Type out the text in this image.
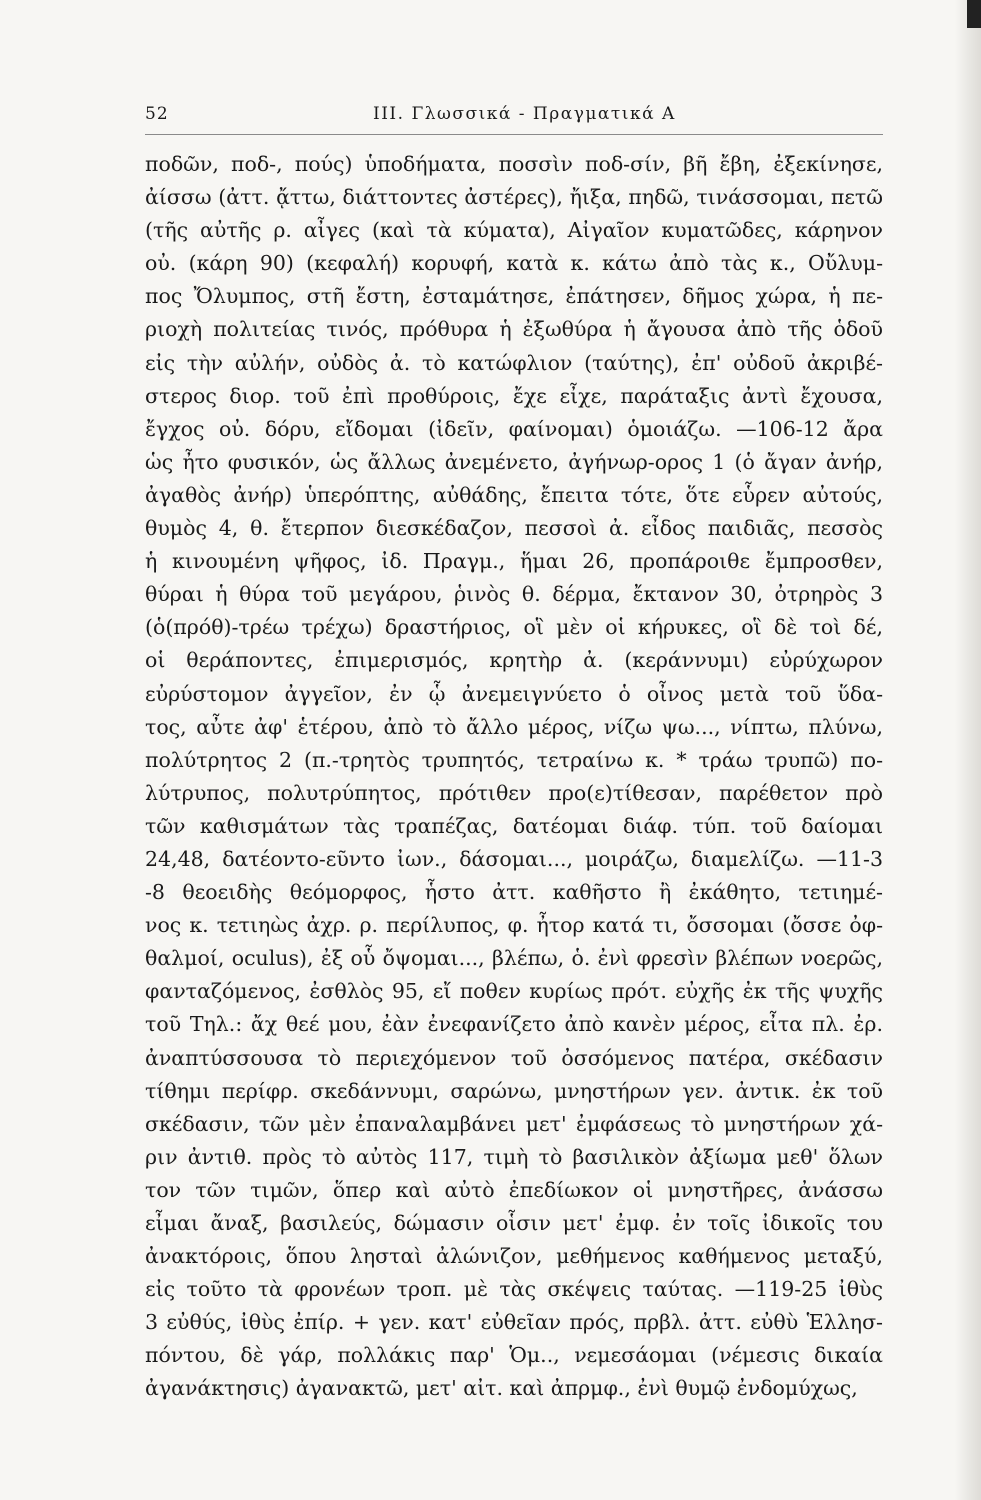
52	III. Γλωσσικά - Πραγματικά Α
ποδῶν, ποδ-, πούς) ὑποδήματα, ποσσὶν ποδ-σίν, βῆ ἔβη, ἐξεκίνησε,
ἀίσσω (ἀττ. ᾄττω, διάττοντες ἀστέρες), ἤιξα, πηδῶ, τινάσσομαι, πετῶ
(τῆς αὐτῆς ρ. αἶγες (καὶ τὰ κύματα), Αἰγαῖον κυματῶδες, κάρηνον
οὐ. (κάρη 90) (κεφαλή) κορυφή, κατὰ κ. κάτω ἀπὸ τὰς κ., Οὔλυμ-
πος Ὄλυμπος, στῆ ἔστη, ἐσταμάτησε, ἐπάτησεν, δῆμος χώρα, ἡ πε-
ριοχὴ πολιτείας τινός, πρόθυρα ἡ ἐξωθύρα ἡ ἄγουσα ἀπὸ τῆς ὁδοῦ
εἰς τὴν αὐλήν, οὐδὸς ἀ. τὸ κατώφλιον (ταύτης), ἐπ' οὐδοῦ ἀκριβέ-
στερος διορ. τοῦ ἐπὶ προθύροις, ἔχε εἶχε, παράταξις ἀντὶ ἔχουσα,
ἔγχος οὐ. δόρυ, εἴδομαι (ἰδεῖν, φαίνομαι) ὁμοιάζω. —106-12 ἄρα
ὡς ἦτο φυσικόν, ὡς ἄλλως ἀνεμένετο, ἀγήνωρ-ορος 1 (ὁ ἄγαν ἀνήρ,
ἀγαθὸς ἀνήρ) ὑπερόπτης, αὐθάδης, ἔπειτα τότε, ὅτε εὗρεν αὐτούς,
θυμὸς 4, θ. ἔτερπον διεσκέδαζον, πεσσοὶ ἀ. εἶδος παιδιᾶς, πεσσὸς
ἡ κινουμένη ψῆφος, ἰδ. Πραγμ., ἥμαι 26, προπάροιθε ἔμπροσθεν,
θύραι ἡ θύρα τοῦ μεγάρου, ῥινὸς θ. δέρμα, ἔκτανον 30, ὀτρηρὸς 3
(ὁ(πρόθ)-τρέω τρέχω) δραστήριος, οἳ μὲν οἱ κήρυκες, οἳ δὲ τοὶ δέ,
οἱ θεράποντες, ἐπιμερισμός, κρητὴρ ἀ. (κεράννυμι) εὐρύχωρον
εὐρύστομον ἀγγεῖον, ἐν ᾧ ἀνεμειγνύετο ὁ οἶνος μετὰ τοῦ ὕδα-
τος, αὖτε ἀφ' ἑτέρου, ἀπὸ τὸ ἄλλο μέρος, νίζω ψω..., νίπτω, πλύνω,
πολύτρητος 2 (π.-τρητὸς τρυπητός, τετραίνω κ. * τράω τρυπῶ) πο-
λύτρυπος, πολυτρύπητος, πρότιθεν προ(ε)τίθεσαν, παρέθετον πρὸ
τῶν καθισμάτων τὰς τραπέζας, δατέομαι διάφ. τύπ. τοῦ δαίομαι
24,48, δατέοντο-εῦντο ἰων., δάσομαι..., μοιράζω, διαμελίζω. —11-3
-8 θεοειδὴς θεόμορφος, ἧστο ἀττ. καθῆστο ἢ ἐκάθητο, τετιημέ-
νος κ. τετιηὼς ἀχρ. ρ. περίλυπος, φ. ἦτορ κατά τι, ὄσσομαι (ὄσσε ὀφ-
θαλμοί, oculus), ἐξ οὗ ὄψομαι..., βλέπω, ὁ. ἐνὶ φρεσὶν βλέπων νοερῶς,
φανταζόμενος, ἐσθλὸς 95, εἴ ποθεν κυρίως πρότ. εὐχῆς ἐκ τῆς ψυχῆς
τοῦ Τηλ.: ἄχ θεέ μου, ἐὰν ἐνεφανίζετο ἀπὸ κανὲν μέρος, εἶτα πλ. ἐρ.
ἀναπτύσσουσα τὸ περιεχόμενον τοῦ ὀσσόμενος πατέρα, σκέδασιν
τίθημι περίφρ. σκεδάννυμι, σαρώνω, μνηστήρων γεν. ἀντικ. ἐκ τοῦ
σκέδασιν, τῶν μὲν ἐπαναλαμβάνει μετ' ἐμφάσεως τὸ μνηστήρων χά-
ριν ἀντιθ. πρὸς τὸ αὐτὸς 117, τιμὴ τὸ βασιλικὸν ἀξίωμα μεθ' ὅλων
τον τῶν τιμῶν, ὅπερ καὶ αὐτὸ ἐπεδίωκον οἱ μνηστῆρες, ἀνάσσω
εἶμαι ἄναξ, βασιλεύς, δώμασιν οἷσιν μετ' ἐμφ. ἐν τοῖς ἰδικοῖς του
ἀνακτόροις, ὅπου λησταὶ ἀλώνιζον, μεθήμενος καθήμενος μεταξύ,
εἰς τοῦτο τὰ φρονέων τροπ. μὲ τὰς σκέψεις ταύτας. —119-25 ἰθὺς
3 εὐθύς, ἰθὺς ἐπίρ. + γεν. κατ' εὐθεῖαν πρός, πρβλ. ἀττ. εὐθὺ Ἑλλησ-
πόντου, δὲ γάρ, πολλάκις παρ' Ὁμ.., νεμεσάομαι (νέμεσις δικαία
ἀγανάκτησις) ἀγανακτῶ, μετ' αἰτ. καὶ ἀπρμφ., ἐνὶ θυμῷ ἐνδομύχως,
